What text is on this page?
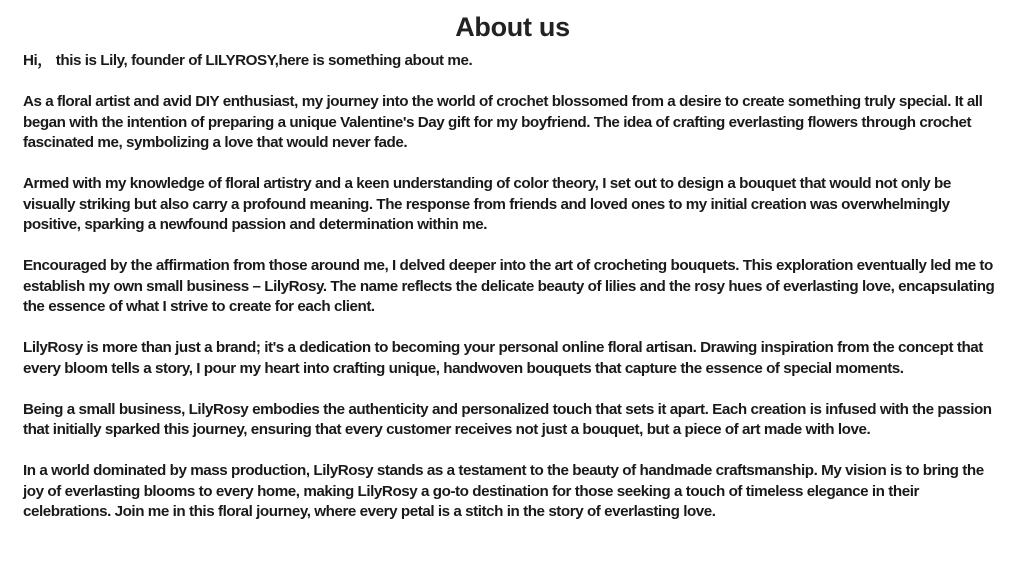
About us

Hi， this is Lily, founder of LILYROSY,here is something about me.

As a floral artist and avid DIY enthusiast, my journey into the world of crochet blossomed from a desire to create something truly special. It all began with the intention of preparing a unique Valentine's Day gift for my boyfriend. The idea of crafting everlasting flowers through crochet fascinated me, symbolizing a love that would never fade.

Armed with my knowledge of floral artistry and a keen understanding of color theory, I set out to design a bouquet that would not only be visually striking but also carry a profound meaning. The response from friends and loved ones to my initial creation was overwhelmingly positive, sparking a newfound passion and determination within me.

Encouraged by the affirmation from those around me, I delved deeper into the art of crocheting bouquets. This exploration eventually led me to establish my own small business – LilyRosy. The name reflects the delicate beauty of lilies and the rosy hues of everlasting love, encapsulating the essence of what I strive to create for each client.

LilyRosy is more than just a brand; it's a dedication to becoming your personal online floral artisan. Drawing inspiration from the concept that every bloom tells a story, I pour my heart into crafting unique, handwoven bouquets that capture the essence of special moments.

Being a small business, LilyRosy embodies the authenticity and personalized touch that sets it apart. Each creation is infused with the passion that initially sparked this journey, ensuring that every customer receives not just a bouquet, but a piece of art made with love.

In a world dominated by mass production, LilyRosy stands as a testament to the beauty of handmade craftsmanship. My vision is to bring the joy of everlasting blooms to every home, making LilyRosy a go-to destination for those seeking a touch of timeless elegance in their celebrations. Join me in this floral journey, where every petal is a stitch in the story of everlasting love.
